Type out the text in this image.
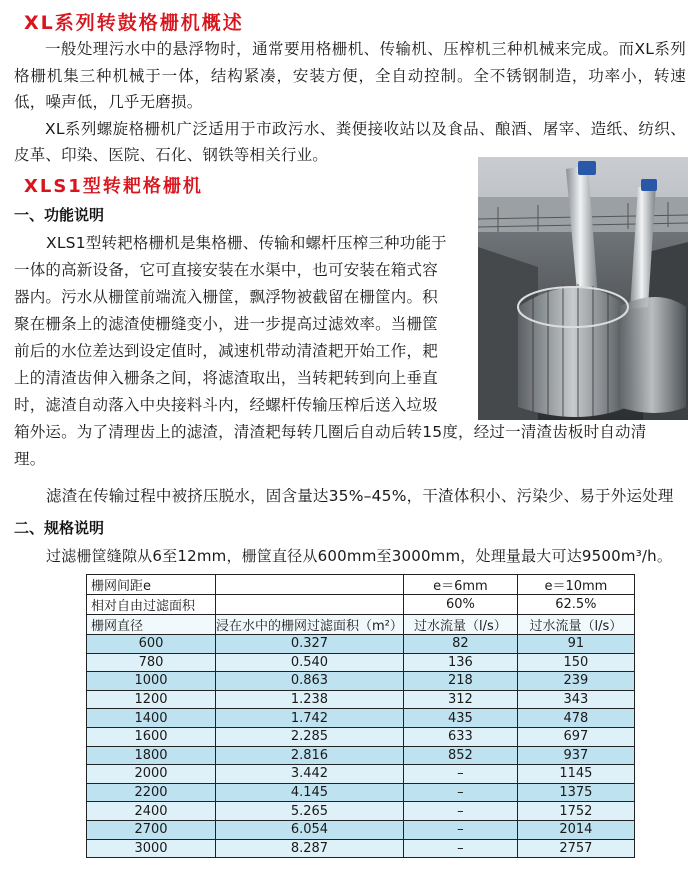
XL系列转鼓格栅机概述

一般处理污水中的悬浮物时，通常要用格栅机、传输机、压榨机三种机械来完成。而XL系列格栅机集三种机械于一体，结构紧凑，安装方便，全自动控制。全不锈钢制造，功率小，转速低，噪声低，几乎无磨损。

XL系列螺旋格栅机广泛适用于市政污水、粪便接收站以及食品、酿酒、屠宰、造纸、纺织、皮革、印染、医院、石化、钢铁等相关行业。

XLS1型转耙格栅机
一、功能说明
XLS1型转耙格栅机是集格栅、传输和螺杆压榨三种功能于
一体的高新设备，它可直接安装在水渠中，也可安装在箱式容
器内。污水从栅筐前端流入栅筐，飘浮物被截留在栅筐内。积
聚在栅条上的滤渣使栅缝变小，进一步提高过滤效率。当栅筐
前后的水位差达到设定值时，减速机带动清渣耙开始工作，耙
上的清渣齿伸入栅条之间，将滤渣取出，当转耙转到向上垂直
时，滤渣自动落入中央接料斗内，经螺杆传输压榨后送入垃圾
箱外运。为了清理齿上的滤渣，清渣耙每转几圈后自动后转15度，经过一清渣齿板时自动清
理。
滤渣在传输过程中被挤压脱水，固含量达35%–45%，干渣体积小、污染少、易于外运处理
二、规格说明
过滤栅筐缝隙从6至12mm，栅筐直径从600mm至3000mm，处理量最大可达9500m³/h。
栅网间距e		e＝6mm	e＝10mm
相对自由过滤面积		60%	62.5%
栅网直径	浸在水中的栅网过滤面积（m²）	过水流量（l/s）	过水流量（l/s）
600	0.327	82	91
780	0.540	136	150
1000	0.863	218	239
1200	1.238	312	343
1400	1.742	435	478
1600	2.285	633	697
1800	2.816	852	937
2000	3.442	–	1145
2200	4.145	–	1375
2400	5.265	–	1752
2700	6.054	–	2014
3000	8.287	–	2757
